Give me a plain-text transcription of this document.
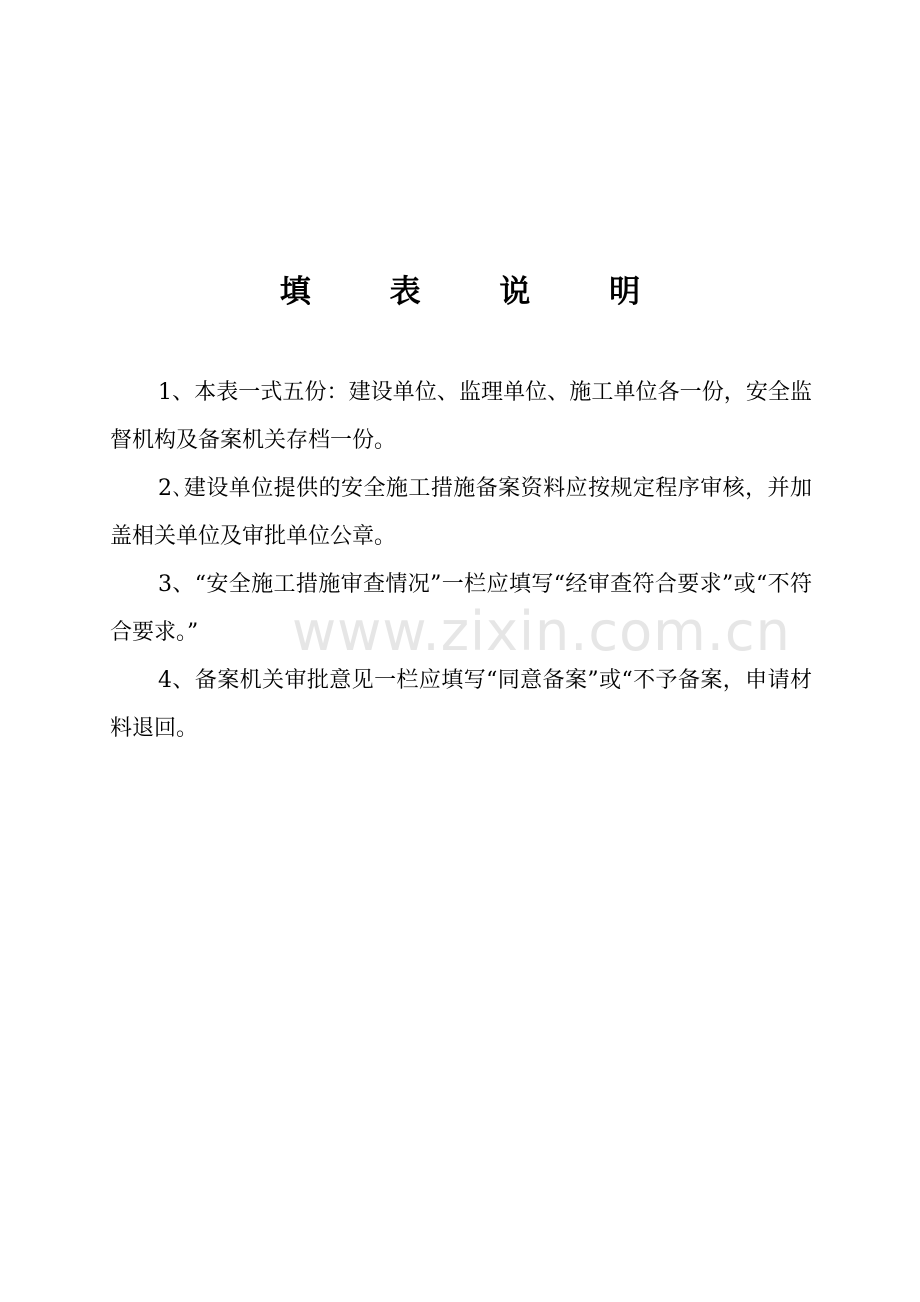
www.zixin.com.cn
填 表 说 明

1、本表一式五份：建设单位、监理单位、施工单位各一份，安全监督机构及备案机关存档一份。

2､建设单位提供的安全施工措施备案资料应按规定程序审核，并加盖相关单位及审批单位公章。

3、“安全施工措施审查情况”一栏应填写“经审查符合要求”或“不符合要求。”

4、备案机关审批意见一栏应填写“同意备案”或“不予备案，申请材料退回。
